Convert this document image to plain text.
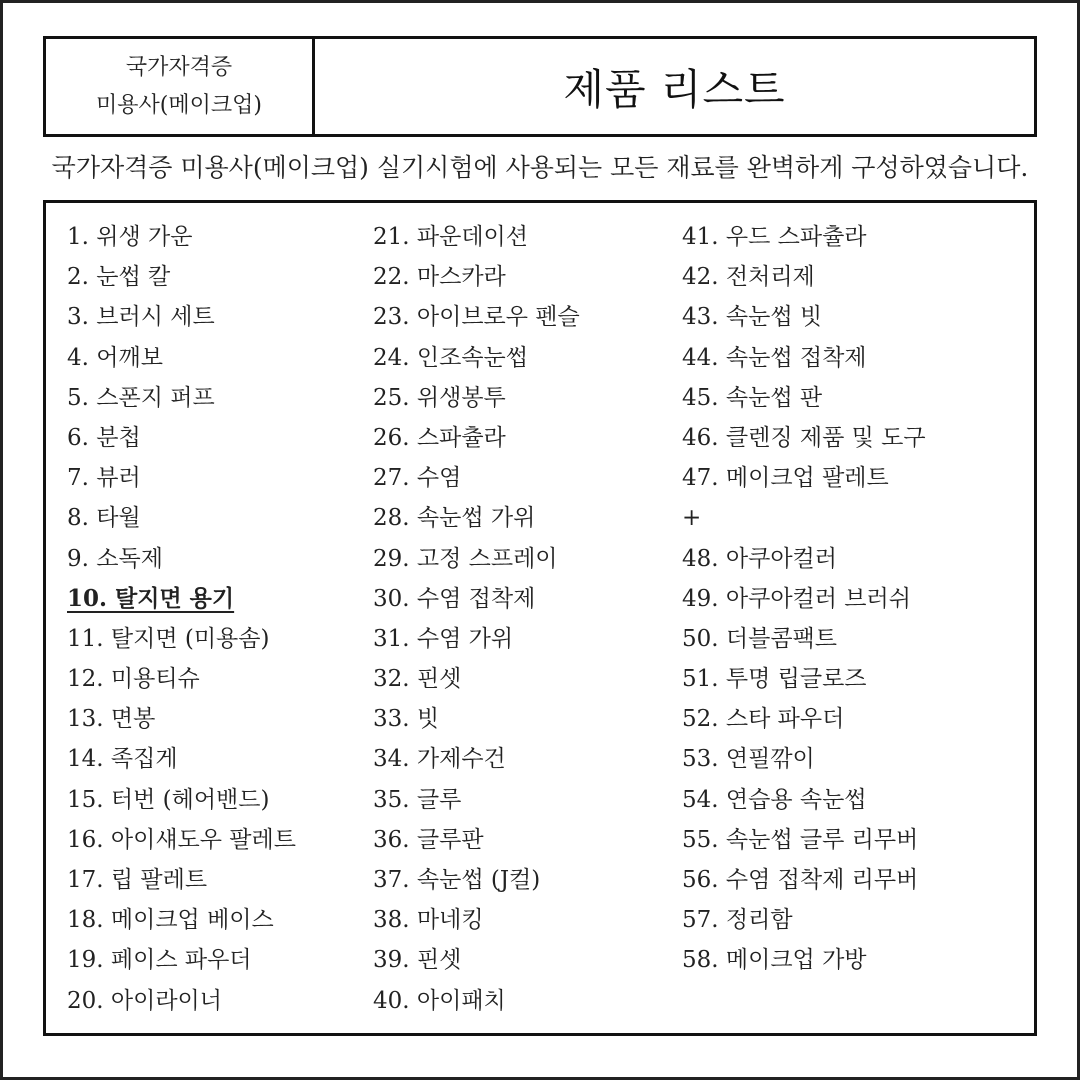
국가자격증
미용사(메이크업)	제품 리스트
국가자격증 미용사(메이크업) 실기시험에 사용되는 모든 재료를 완벽하게 구성하였습니다.
1. 위생 가운
2. 눈썹 칼
3. 브러시 세트
4. 어깨보
5. 스폰지 퍼프
6. 분첩
7. 뷰러
8. 타월
9. 소독제
10. 탈지면 용기
11. 탈지면 (미용솜)
12. 미용티슈
13. 면봉
14. 족집게
15. 터번 (헤어밴드)
16. 아이섀도우 팔레트
17. 립 팔레트
18. 메이크업 베이스
19. 페이스 파우더
20. 아이라이너
21. 파운데이션
22. 마스카라
23. 아이브로우 펜슬
24. 인조속눈썹
25. 위생봉투
26. 스파츌라
27. 수염
28. 속눈썹 가위
29. 고정 스프레이
30. 수염 접착제
31. 수염 가위
32. 핀셋
33. 빗
34. 가제수건
35. 글루
36. 글루판
37. 속눈썹 (J컬)
38. 마네킹
39. 핀셋
40. 아이패치
41. 우드 스파츌라
42. 전처리제
43. 속눈썹 빗
44. 속눈썹 접착제
45. 속눈썹 판
46. 클렌징 제품 및 도구
47. 메이크업 팔레트
+
48. 아쿠아컬러
49. 아쿠아컬러 브러쉬
50. 더블콤팩트
51. 투명 립글로즈
52. 스타 파우더
53. 연필깎이
54. 연습용 속눈썹
55. 속눈썹 글루 리무버
56. 수염 접착제 리무버
57. 정리함
58. 메이크업 가방
